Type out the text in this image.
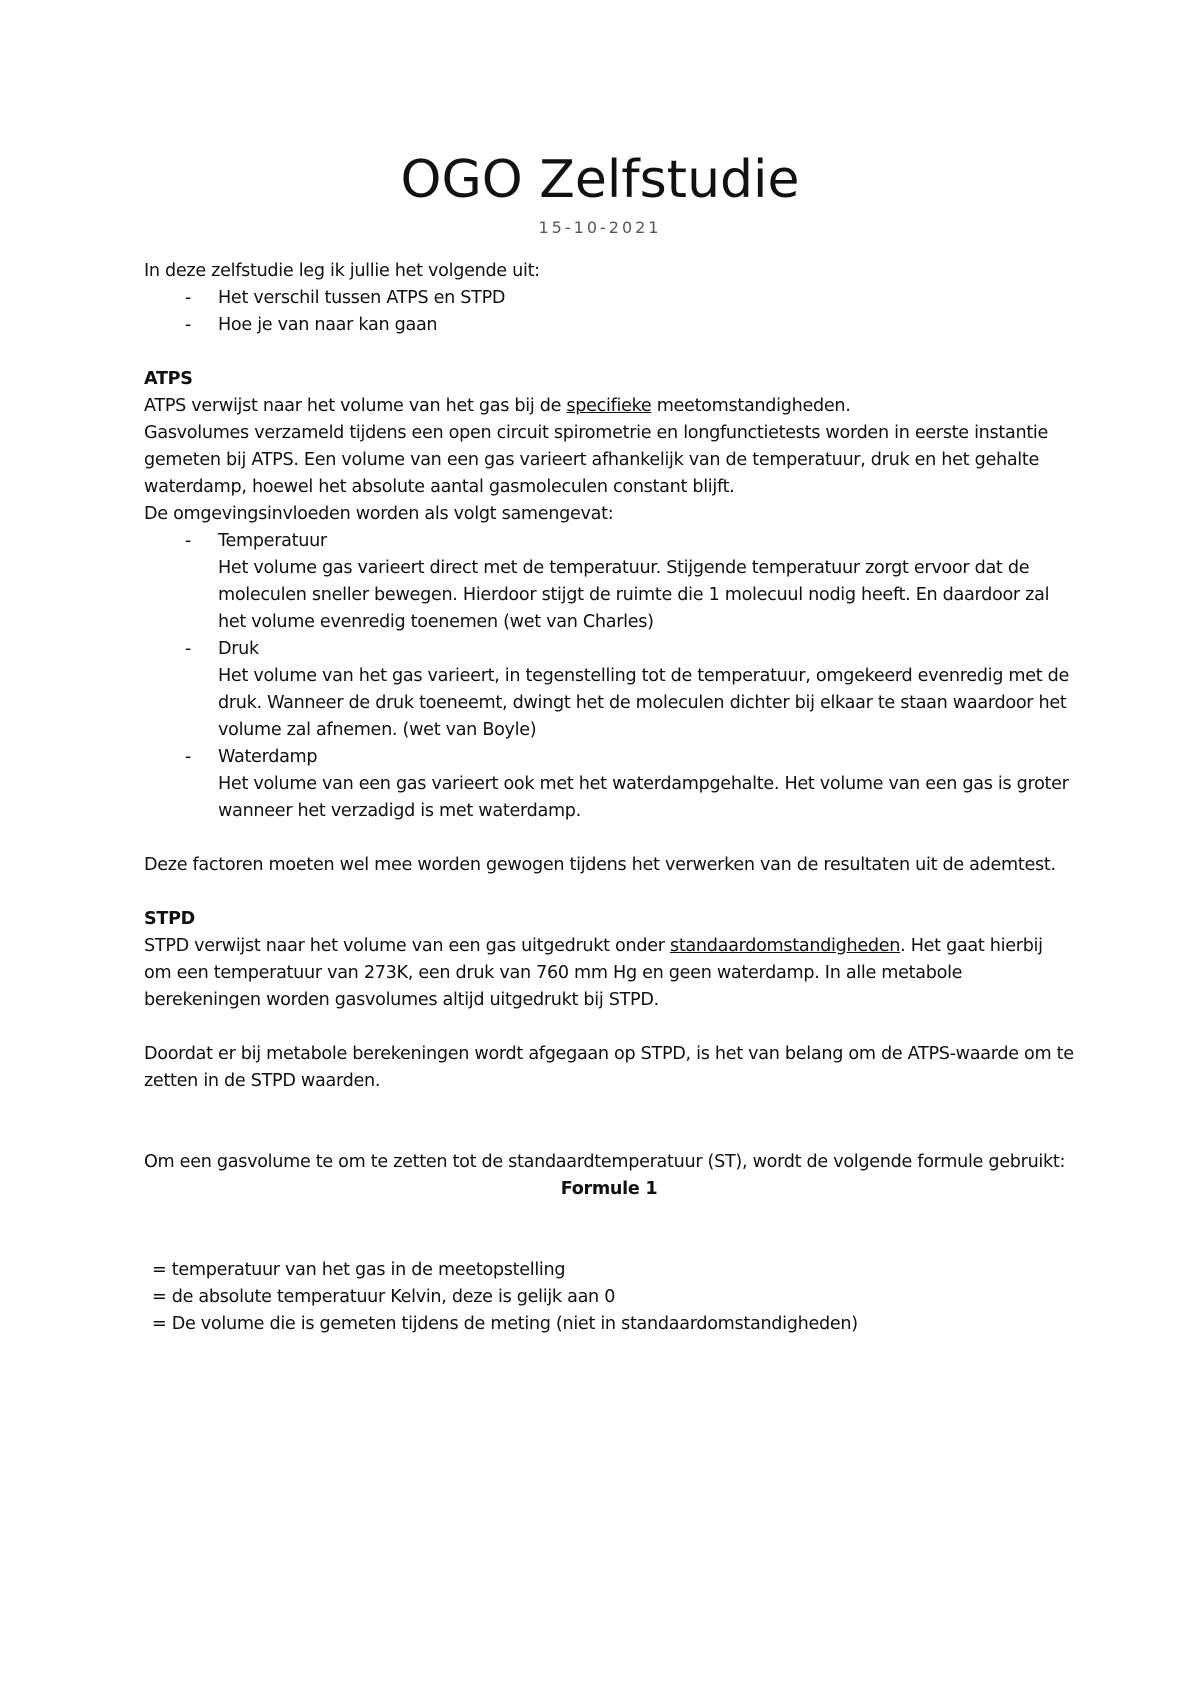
OGO Zelfstudie
15-10-2021

In deze zelfstudie leg ik jullie het volgende uit:

- Het verschil tussen ATPS en STPD
- Hoe je van naar kan gaan

ATPS

ATPS verwijst naar het volume van het gas bij de specifieke meetomstandigheden.

Gasvolumes verzameld tijdens een open circuit spirometrie en longfunctietests worden in eerste instantie gemeten bij ATPS. Een volume van een gas varieert afhankelijk van de temperatuur, druk en het gehalte waterdamp, hoewel het absolute aantal gasmoleculen constant blijft.

De omgevingsinvloeden worden als volgt samengevat:

- Temperatuur
Het volume gas varieert direct met de temperatuur. Stijgende temperatuur zorgt ervoor dat de moleculen sneller bewegen. Hierdoor stijgt de ruimte die 1 molecuul nodig heeft. En daardoor zal het volume evenredig toenemen (wet van Charles)
- Druk
Het volume van het gas varieert, in tegenstelling tot de temperatuur, omgekeerd evenredig met de druk. Wanneer de druk toeneemt, dwingt het de moleculen dichter bij elkaar te staan waardoor het volume zal afnemen. (wet van Boyle)
- Waterdamp
Het volume van een gas varieert ook met het waterdampgehalte. Het volume van een gas is groter wanneer het verzadigd is met waterdamp.

Deze factoren moeten wel mee worden gewogen tijdens het verwerken van de resultaten uit de ademtest.

STPD

STPD verwijst naar het volume van een gas uitgedrukt onder standaardomstandigheden. Het gaat hierbij om een temperatuur van 273K, een druk van 760 mm Hg en geen waterdamp. In alle metabole berekeningen worden gasvolumes altijd uitgedrukt bij STPD.

Doordat er bij metabole berekeningen wordt afgegaan op STPD, is het van belang om de ATPS-waarde om te zetten in de STPD waarden.

Om een gasvolume te om te zetten tot de standaardtemperatuur (ST), wordt de volgende formule gebruikt:

Formule 1

= temperatuur van het gas in de meetopstelling

= de absolute temperatuur Kelvin, deze is gelijk aan 0

= De volume die is gemeten tijdens de meting (niet in standaardomstandigheden)
